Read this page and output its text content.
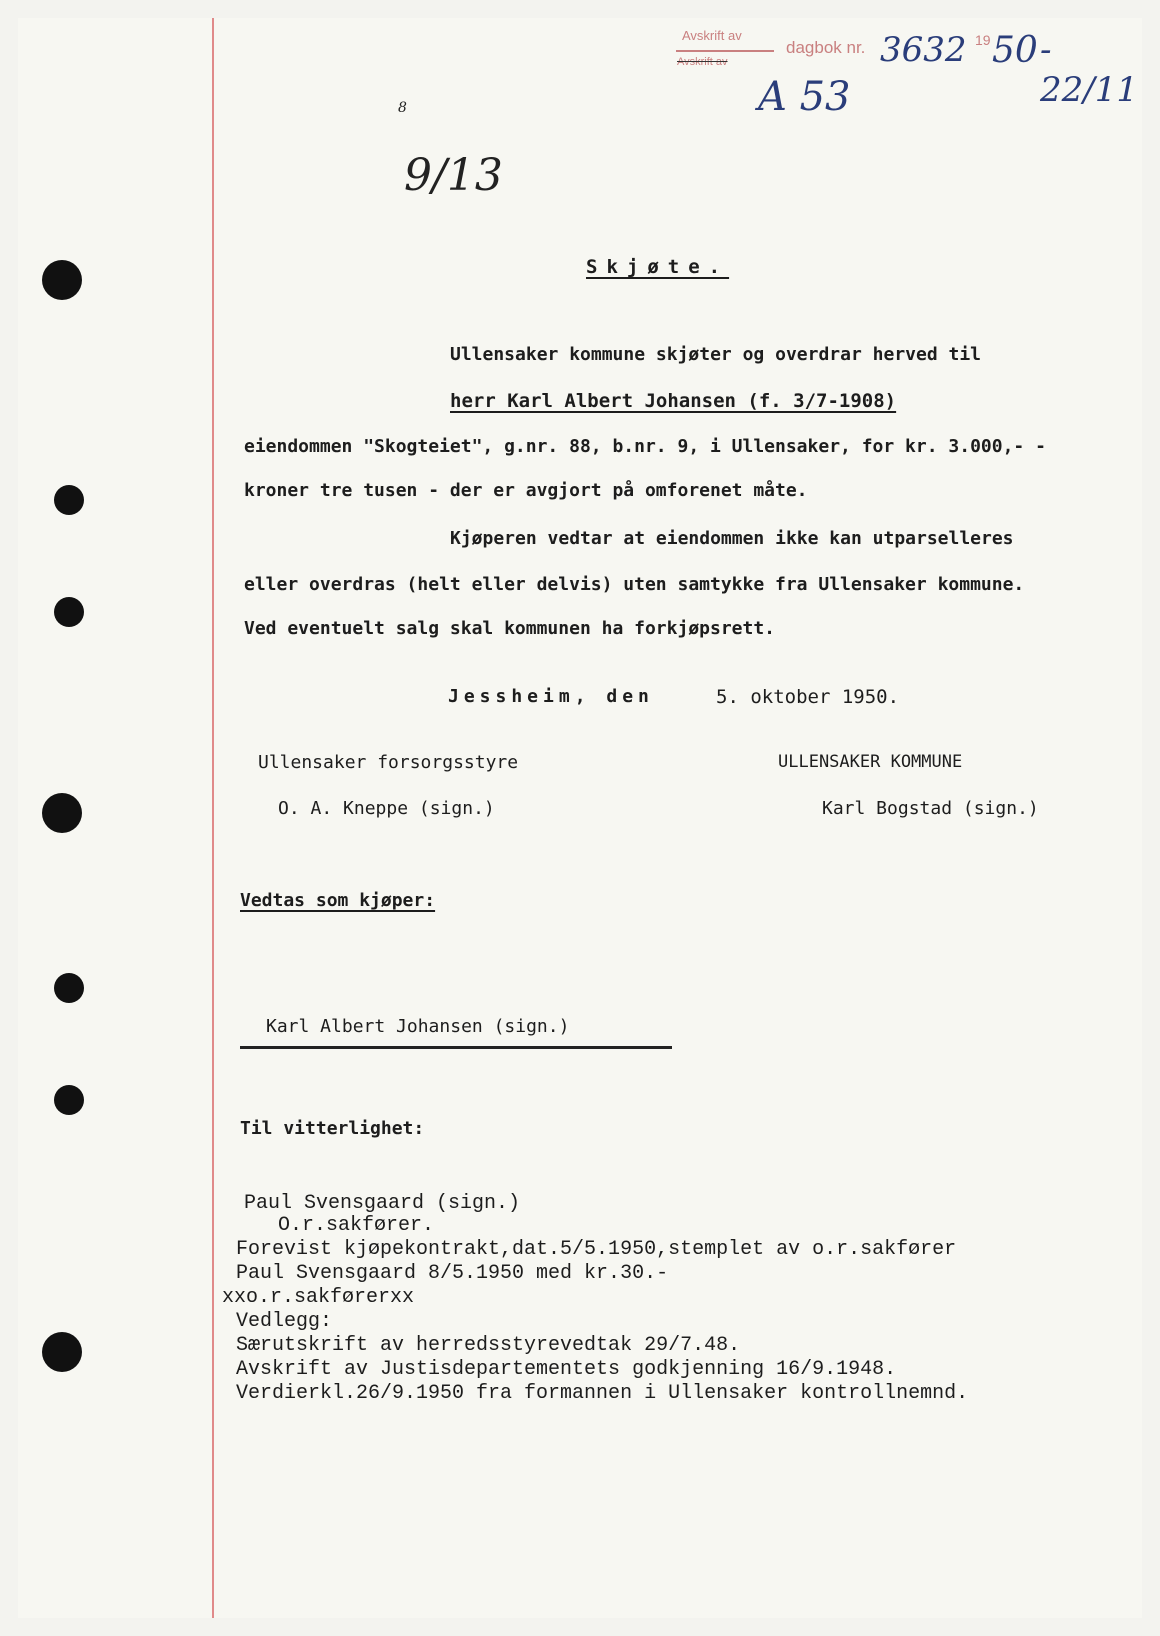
Avskrift av
Avskrift av
dagbok nr. 3632 19 50 - 22/11
A 53
8
9/13
Skjøte.
Ullensaker kommune skjøter og overdrar herved til
herr Karl Albert Johansen (f. 3/7-1908)
eiendommen "Skogteiet", g.nr. 88, b.nr. 9, i Ullensaker, for kr. 3.000,- -
kroner tre tusen - der er avgjort på omforenet måte.
Kjøperen vedtar at eiendommen ikke kan utparselleres
eller overdras (helt eller delvis) uten samtykke fra Ullensaker kommune.
Ved eventuelt salg skal kommunen ha forkjøpsrett.
Jessheim, den	5. oktober 1950.
Ullensaker forsorgsstyre
O. A. Kneppe (sign.)
ULLENSAKER KOMMUNE
Karl Bogstad (sign.)
Vedtas som kjøper:
Karl Albert Johansen (sign.)
Til vitterlighet:
Paul Svensgaard (sign.)
O.r.sakfører.
Forevist kjøpekontrakt,dat.5/5.1950,stemplet av o.r.sakfører
Paul Svensgaard 8/5.1950 med kr.30.-
xxo.r.sakførerxx
Vedlegg:
Særutskrift av herredsstyrevedtak 29/7.48.
Avskrift av Justisdepartementets godkjenning 16/9.1948.
Verdierkl.26/9.1950 fra formannen i Ullensaker kontrollnemnd.
